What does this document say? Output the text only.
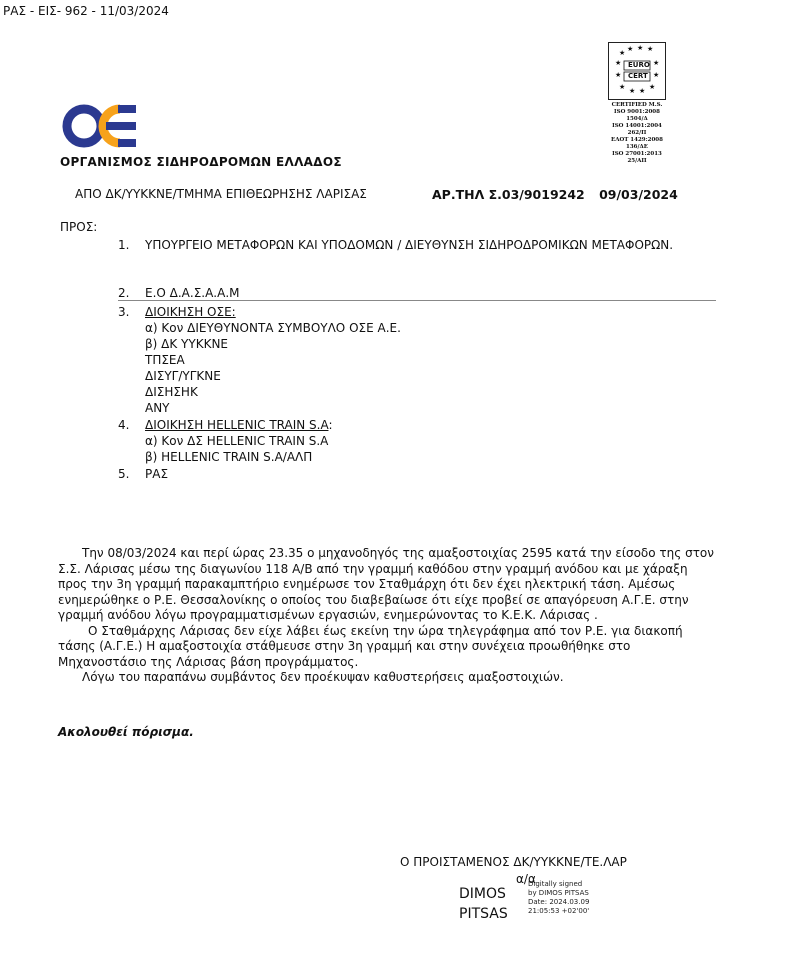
ΡΑΣ - ΕΙΣ- 962 - 11/03/2024
★ ★ ★ ★
★	★
★	★
★ ★ ★ ★
EURO
CERT
CERTIFIED M.S.
ISO 9001:2008
1504/Δ
ISO 14001:2004
262/Π
ΕΛΟΤ 1429:2008
136/ΔΕ
ISO 27001:2013
25/ΑΠ
ΟΡΓΑΝΙΣΜΟΣ ΣΙΔΗΡΟΔΡΟΜΩΝ ΕΛΛΑΔΟΣ
ΑΠΟ ΔΚ/ΥΥΚΚΝΕ/ΤΜΗΜΑ ΕΠΙΘΕΩΡΗΣΗΣ ΛΑΡΙΣΑΣ	ΑΡ.ΤΗΛ Σ.03/9019242 09/03/2024
ΠΡΟΣ:
1. ΥΠΟΥΡΓΕΙΟ ΜΕΤΑΦΟΡΩΝ ΚΑΙ ΥΠΟΔΟΜΩΝ / ΔΙΕΥΘΥΝΣΗ ΣΙΔΗΡΟΔΡΟΜΙΚΩΝ ΜΕΤΑΦΟΡΩΝ.
2. Ε.Ο Δ.Α.Σ.Α.Α.Μ
3. ΔΙΟΙΚΗΣΗ ΟΣΕ:
α) Κον ΔΙΕΥΘΥΝΟΝΤΑ ΣΥΜΒΟΥΛΟ ΟΣΕ Α.Ε.
β) ΔΚ ΥΥΚΚΝΕ
ΤΠΣΕΑ
ΔΙΣΥΓ/ΥΓΚΝΕ
ΔΙΣΗΣΗΚ
ΑΝΥ
4. ΔΙΟΙΚΗΣΗ HELLENIC TRAIN S.A:
α) Κον ΔΣ HELLENIC TRAIN S.A
β) HELLENIC TRAIN S.A/ΑΛΠ
5. ΡΑΣ

Την 08/03/2024 και περί ώρας 23.35 ο μηχανοδηγός της αμαξοστοιχίας 2595 κατά την είσοδο της στον Σ.Σ. Λάρισας μέσω της διαγωνίου 118 Α/Β από την γραμμή καθόδου στην γραμμή ανόδου και με χάραξη προς την 3η γραμμή παρακαμπτήριο ενημέρωσε τον Σταθμάρχη ότι δεν έχει ηλεκτρική τάση. Αμέσως ενημερώθηκε ο Ρ.Ε. Θεσσαλονίκης ο οποίος του διαβεβαίωσε ότι είχε προβεί σε απαγόρευση Α.Γ.Ε. στην γραμμή ανόδου λόγω προγραμματισμένων εργασιών, ενημερώνοντας το Κ.Ε.Κ. Λάρισας .

Ο Σταθμάρχης Λάρισας δεν είχε λάβει έως εκείνη την ώρα τηλεγράφημα από τον Ρ.Ε. για διακοπή τάσης (Α.Γ.Ε.) Η αμαξοστοιχία στάθμευσε στην 3η γραμμή και στην συνέχεια προωθήθηκε στο Μηχανοστάσιο της Λάρισας βάση προγράμματος.

Λόγω του παραπάνω συμβάντος δεν προέκυψαν καθυστερήσεις αμαξοστοιχιών.

Ακολουθεί πόρισμα.
Ο ΠΡΟΙΣΤΑΜΕΝΟΣ ΔΚ/ΥΥΚΚΝΕ/ΤΕ.ΛΑΡ
α/α
DIMOS
PITSAS
Digitally signed
by DIMOS PITSAS
Date: 2024.03.09
21:05:53 +02'00'
